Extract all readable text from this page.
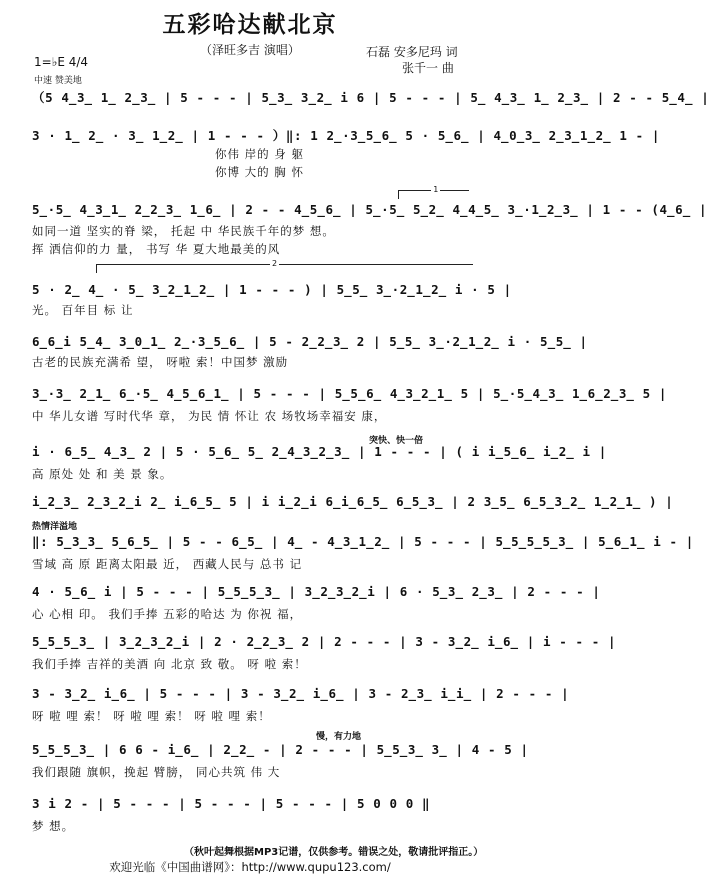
五彩哈达献北京
（泽旺多吉 演唱）	石磊 安多尼玛 词
张千一 曲
1=♭E 4/4
中速 赞美地
（5 4̲3̲ 1̲ 2̲3̲ | 5 - - - | 5̲3̲ 3̲2̲ i 6 | 5 - - - | 5̲ 4̲3̲ 1̲ 2̲3̲ | 2 - - 5̲4̲ |
3 · 1̲ 2̲ · 3̲ 1̲2̲ | 1 - - - ）‖: 1 2̲·3̲5̲6̲ 5 · 5̲6̲ | 4̲0̲3̲ 2̲3̲1̲2̲ 1 - |
你伟 岸的 身 躯
你博 大的 胸 怀
1
5̲·5̲ 4̲3̲1̲ 2̲2̲3̲ 1̲6̲ | 2 - - 4̲5̲6̲ | 5̲·5̲ 5̲2̲ 4̲4̲5̲ 3̲·1̲2̲3̲ | 1 - - (4̲6̲ |
如同一道 坚实的脊 梁， 托起 中 华民族千年的梦 想。
挥 洒信仰的力 量， 书写 华 夏大地最美的风
2
5 · 2̲ 4̲ · 5̲ 3̲2̲1̲2̲ | 1 - - - ) | 5̲5̲ 3̲·2̲1̲2̲ i · 5 |
光。 百年目 标 让
6̲6̲i 5̲4̲ 3̲0̲1̲ 2̲·3̲5̲6̲ | 5 - 2̲2̲3̲ 2 | 5̲5̲ 3̲·2̲1̲2̲ i · 5̲5̲ |
古老的民族充满希 望， 呀啦 索！中国梦 激励
3̲·3̲ 2̲1̲ 6̲·5̲ 4̲5̲6̲1̲ | 5 - - - | 5̲5̲6̲ 4̲3̲2̲1̲ 5 | 5̲·5̲4̲3̲ 1̲6̲2̲3̲ 5 |
中 华儿女谱 写时代华 章， 为民 情 怀让 农 场牧场幸福安 康，
突快、快一倍
i · 6̲5̲ 4̲3̲ 2 | 5 · 5̲6̲ 5̲ 2̲4̲3̲2̲3̲ | 1 - - - | ( i i̲5̲6̲ i̲2̲ i |
高 原处 处 和 美 景 象。
i̲2̲3̲ 2̲3̲2̲i 2̲ i̲6̲5̲ 5 | i i̲2̲i 6̲i̲6̲5̲ 6̲5̲3̲ | 2 3̲5̲ 6̲5̲3̲2̲ 1̲2̲1̲ ) |
热情洋溢地
‖: 5̲3̲3̲ 5̲6̲5̲ | 5 - - 6̲5̲ | 4̲ - 4̲3̲1̲2̲ | 5 - - - | 5̲5̲5̲5̲3̲ | 5̲6̲1̲ i - |
雪域 高 原 距离太阳最 近， 西藏人民与 总书 记
4 · 5̲6̲ i | 5 - - - | 5̲5̲5̲3̲ | 3̲2̲3̲2̲i | 6 · 5̲3̲ 2̲3̲ | 2 - - - |
心 心相 印。 我们手捧 五彩的哈达 为 你祝 福，
5̲5̲5̲3̲ | 3̲2̲3̲2̲i | 2 · 2̲2̲3̲ 2 | 2 - - - | 3 - 3̲2̲ i̲6̲ | i - - - |
我们手捧 吉祥的美酒 向 北京 致 敬。 呀 啦 索！
3 - 3̲2̲ i̲6̲ | 5 - - - | 3 - 3̲2̲ i̲6̲ | 3 - 2̲3̲ i̲i̲ | 2 - - - |
呀 啦 哩 索！ 呀 啦 哩 索！ 呀 啦 哩 索！
慢，有力地
5̲5̲5̲3̲ | 6 6 - i̲6̲ | 2̲2̲ - | 2 - - - | 5̲5̲3̲ 3̲ | 4 - 5 |
我们跟随 旗帜，挽起 臂膀， 同心共筑 伟 大
3 i 2 - | 5 - - - | 5 - - - | 5 - - - | 5 0 0 0 ‖
梦 想。
（秋叶起舞根据MP3记谱，仅供参考。错误之处，敬请批评指正。）
欢迎光临《中国曲谱网》：http://www.qupu123.com/
